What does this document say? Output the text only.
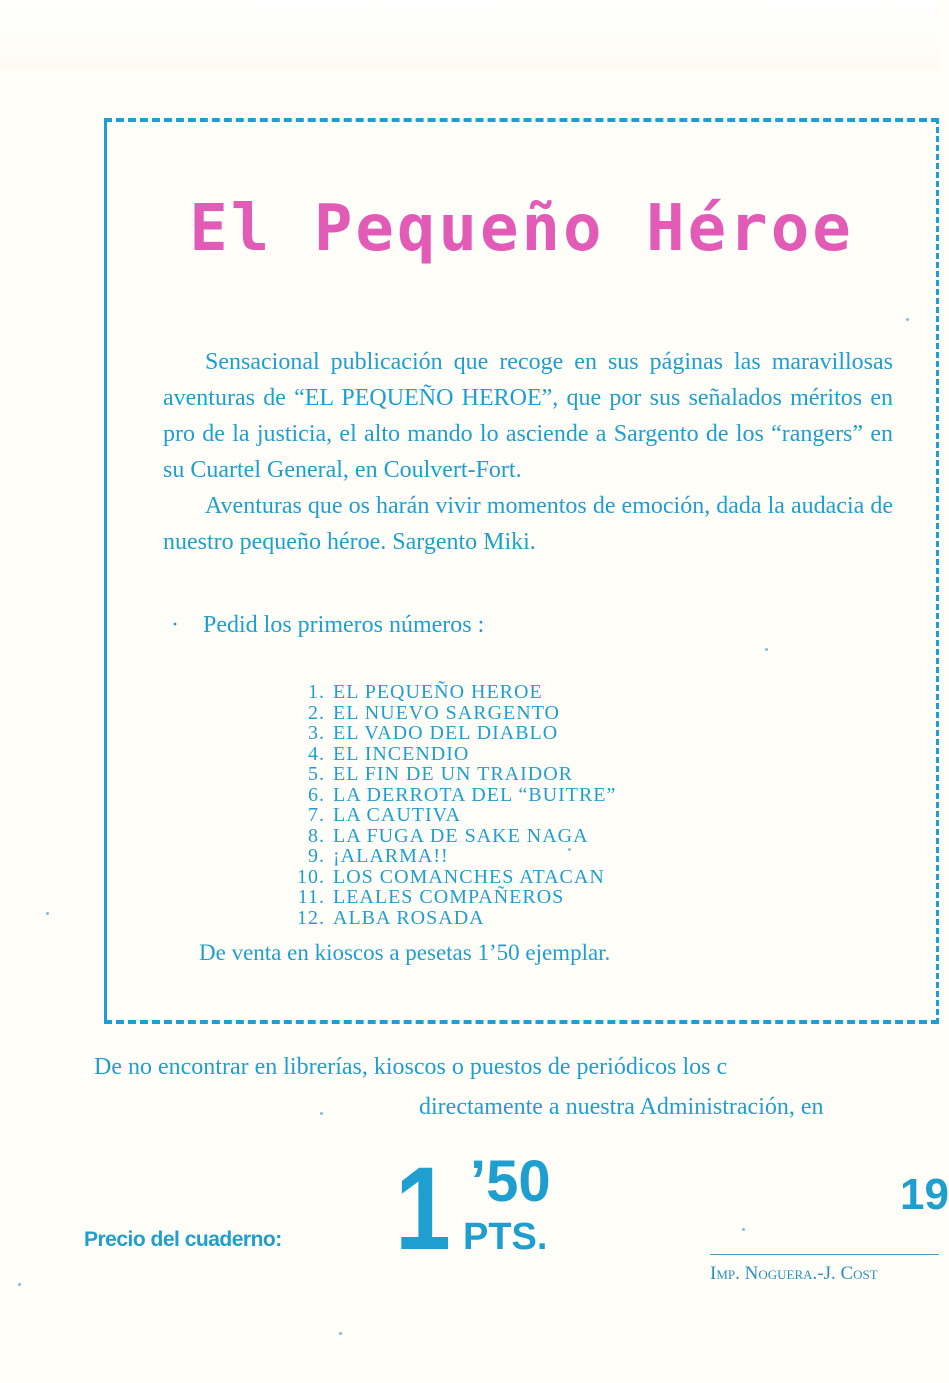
El Pequeño Héroe

Sensacional publicación que recoge en sus páginas las maravillosas aventuras de “EL PEQUEÑO HEROE”, que por sus señalados méritos en pro de la justicia, el alto mando lo asciende a Sargento de los “rangers” en su Cuartel General, en Coulvert-Fort.

Aventuras que os harán vivir momentos de emoción, dada la audacia de nuestro pequeño héroe. Sargento Miki.

· Pedid los primeros números :

1. EL PEQUEÑO HEROE
2. EL NUEVO SARGENTO
3. EL VADO DEL DIABLO
4. EL INCENDIO
5. EL FIN DE UN TRAIDOR
6. LA DERROTA DEL “BUITRE”
7. LA CAUTIVA
8. LA FUGA DE SAKE NAGA
9. ¡ALARMA!!
10. LOS COMANCHES ATACAN
11. LEALES COMPAÑEROS
12. ALBA ROSADA

De venta en kioscos a pesetas 1’50 ejemplar.

De no encontrar en librerías, kioscos o puestos de periódicos los c

directamente a nuestra Administración, en

Precio del cuaderno: 1 ’50
PTS.
19
Imp. Noguera.-J. Cost
